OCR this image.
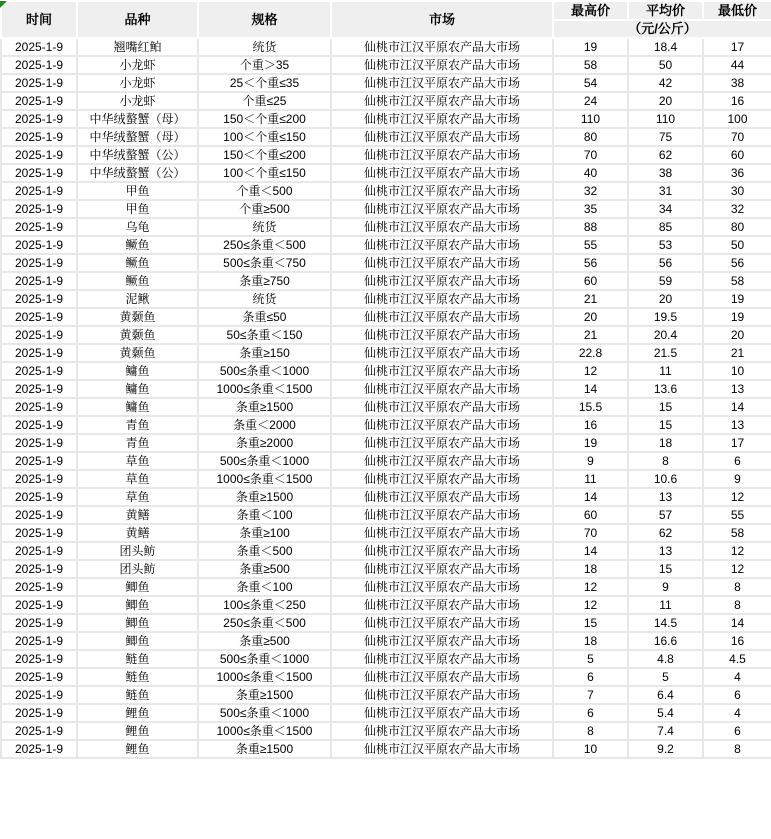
时间	品种	规格	市场	最高价	平均价	最低价
				（元/公斤）		
2025-1-9	翘嘴红鲌	统货	仙桃市江汉平原农产品大市场	19	18.4	17
2025-1-9	小龙虾	个重＞35	仙桃市江汉平原农产品大市场	58	50	44
2025-1-9	小龙虾	25＜个重≤35	仙桃市江汉平原农产品大市场	54	42	38
2025-1-9	小龙虾	个重≤25	仙桃市江汉平原农产品大市场	24	20	16
2025-1-9	中华绒螯蟹（母）	150＜个重≤200	仙桃市江汉平原农产品大市场	110	110	100
2025-1-9	中华绒螯蟹（母）	100＜个重≤150	仙桃市江汉平原农产品大市场	80	75	70
2025-1-9	中华绒螯蟹（公）	150＜个重≤200	仙桃市江汉平原农产品大市场	70	62	60
2025-1-9	中华绒螯蟹（公）	100＜个重≤150	仙桃市江汉平原农产品大市场	40	38	36
2025-1-9	甲鱼	个重＜500	仙桃市江汉平原农产品大市场	32	31	30
2025-1-9	甲鱼	个重≥500	仙桃市江汉平原农产品大市场	35	34	32
2025-1-9	乌龟	统货	仙桃市江汉平原农产品大市场	88	85	80
2025-1-9	鳜鱼	250≤条重＜500	仙桃市江汉平原农产品大市场	55	53	50
2025-1-9	鳜鱼	500≤条重＜750	仙桃市江汉平原农产品大市场	56	56	56
2025-1-9	鳜鱼	条重≥750	仙桃市江汉平原农产品大市场	60	59	58
2025-1-9	泥鳅	统货	仙桃市江汉平原农产品大市场	21	20	19
2025-1-9	黄颡鱼	条重≤50	仙桃市江汉平原农产品大市场	20	19.5	19
2025-1-9	黄颡鱼	50≤条重＜150	仙桃市江汉平原农产品大市场	21	20.4	20
2025-1-9	黄颡鱼	条重≥150	仙桃市江汉平原农产品大市场	22.8	21.5	21
2025-1-9	鳙鱼	500≤条重＜1000	仙桃市江汉平原农产品大市场	12	11	10
2025-1-9	鳙鱼	1000≤条重＜1500	仙桃市江汉平原农产品大市场	14	13.6	13
2025-1-9	鳙鱼	条重≥1500	仙桃市江汉平原农产品大市场	15.5	15	14
2025-1-9	青鱼	条重＜2000	仙桃市江汉平原农产品大市场	16	15	13
2025-1-9	青鱼	条重≥2000	仙桃市江汉平原农产品大市场	19	18	17
2025-1-9	草鱼	500≤条重＜1000	仙桃市江汉平原农产品大市场	9	8	6
2025-1-9	草鱼	1000≤条重＜1500	仙桃市江汉平原农产品大市场	11	10.6	9
2025-1-9	草鱼	条重≥1500	仙桃市江汉平原农产品大市场	14	13	12
2025-1-9	黄鳝	条重＜100	仙桃市江汉平原农产品大市场	60	57	55
2025-1-9	黄鳝	条重≥100	仙桃市江汉平原农产品大市场	70	62	58
2025-1-9	团头鲂	条重＜500	仙桃市江汉平原农产品大市场	14	13	12
2025-1-9	团头鲂	条重≥500	仙桃市江汉平原农产品大市场	18	15	12
2025-1-9	鲫鱼	条重＜100	仙桃市江汉平原农产品大市场	12	9	8
2025-1-9	鲫鱼	100≤条重＜250	仙桃市江汉平原农产品大市场	12	11	8
2025-1-9	鲫鱼	250≤条重＜500	仙桃市江汉平原农产品大市场	15	14.5	14
2025-1-9	鲫鱼	条重≥500	仙桃市江汉平原农产品大市场	18	16.6	16
2025-1-9	鲢鱼	500≤条重＜1000	仙桃市江汉平原农产品大市场	5	4.8	4.5
2025-1-9	鲢鱼	1000≤条重＜1500	仙桃市江汉平原农产品大市场	6	5	4
2025-1-9	鲢鱼	条重≥1500	仙桃市江汉平原农产品大市场	7	6.4	6
2025-1-9	鲤鱼	500≤条重＜1000	仙桃市江汉平原农产品大市场	6	5.4	4
2025-1-9	鲤鱼	1000≤条重＜1500	仙桃市江汉平原农产品大市场	8	7.4	6
2025-1-9	鲤鱼	条重≥1500	仙桃市江汉平原农产品大市场	10	9.2	8
